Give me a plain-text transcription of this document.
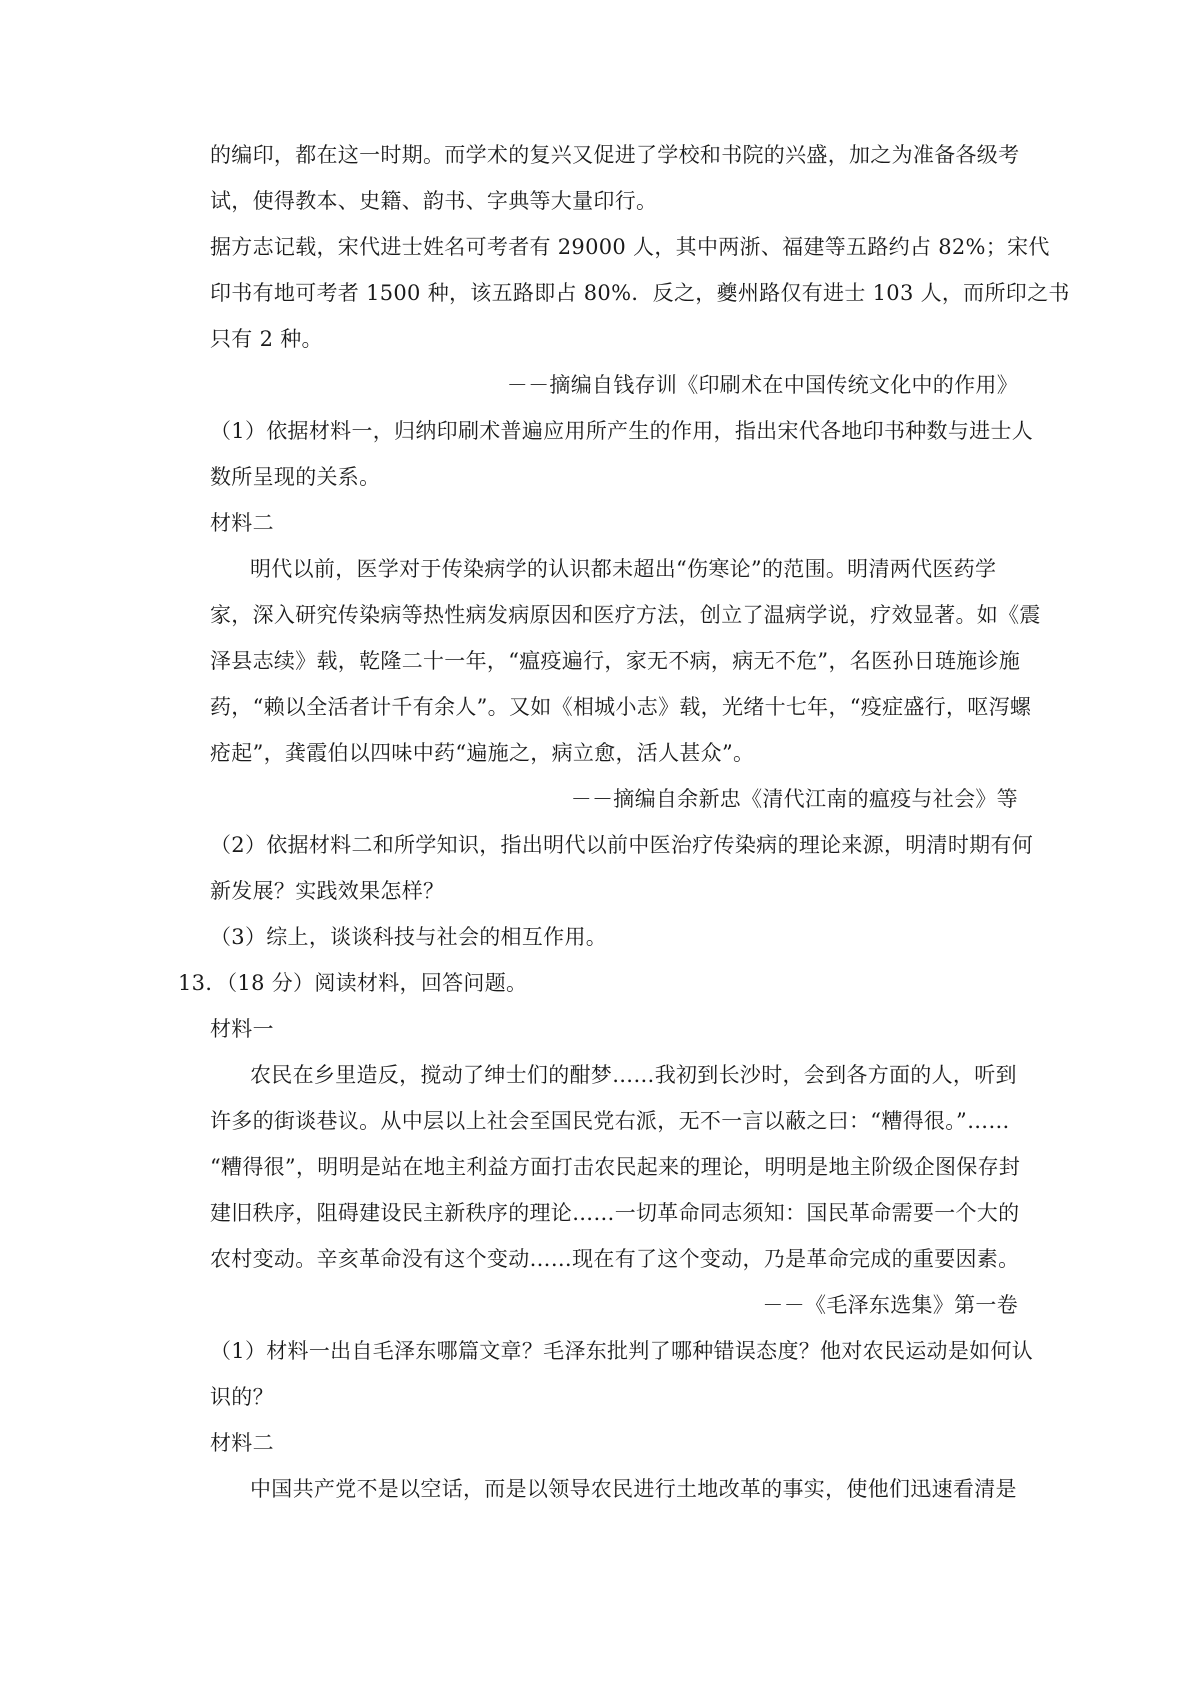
的编印，都在这一时期。而学术的复兴又促进了学校和书院的兴盛，加之为准备各级考

试，使得教本、史籍、韵书、字典等大量印行。

据方志记载，宋代进士姓名可考者有 29000 人，其中两浙、福建等五路约占 82%；宋代

印书有地可考者 1500 种，该五路即占 80%．反之，夔州路仅有进士 103 人，而所印之书

只有 2 种。

－－摘编自钱存训《印刷术在中国传统文化中的作用》

（1）依据材料一，归纳印刷术普遍应用所产生的作用，指出宋代各地印书种数与进士人

数所呈现的关系。

材料二

明代以前，医学对于传染病学的认识都未超出“伤寒论”的范围。明清两代医药学

家，深入研究传染病等热性病发病原因和医疗方法，创立了温病学说，疗效显著。如《震

泽县志续》载，乾隆二十一年，“瘟疫遍行，家无不病，病无不危”，名医孙日琏施诊施

药，“赖以全活者计千有余人”。又如《相城小志》载，光绪十七年，“疫症盛行，呕泻螺

疮起”，龚霞伯以四味中药“遍施之，病立愈，活人甚众”。

－－摘编自余新忠《清代江南的瘟疫与社会》等

（2）依据材料二和所学知识，指出明代以前中医治疗传染病的理论来源，明清时期有何

新发展？实践效果怎样？

（3）综上，谈谈科技与社会的相互作用。

13．（18 分）阅读材料，回答问题。

材料一

农民在乡里造反，搅动了绅士们的酣梦……我初到长沙时，会到各方面的人，听到

许多的街谈巷议。从中层以上社会至国民党右派，无不一言以蔽之曰：“糟得很。”……

“糟得很”，明明是站在地主利益方面打击农民起来的理论，明明是地主阶级企图保存封

建旧秩序，阻碍建设民主新秩序的理论……一切革命同志须知：国民革命需要一个大的

农村变动。辛亥革命没有这个变动……现在有了这个变动，乃是革命完成的重要因素。

－－《毛泽东选集》第一卷

（1）材料一出自毛泽东哪篇文章？毛泽东批判了哪种错误态度？他对农民运动是如何认

识的？

材料二

中国共产党不是以空话，而是以领导农民进行土地改革的事实，使他们迅速看清是
